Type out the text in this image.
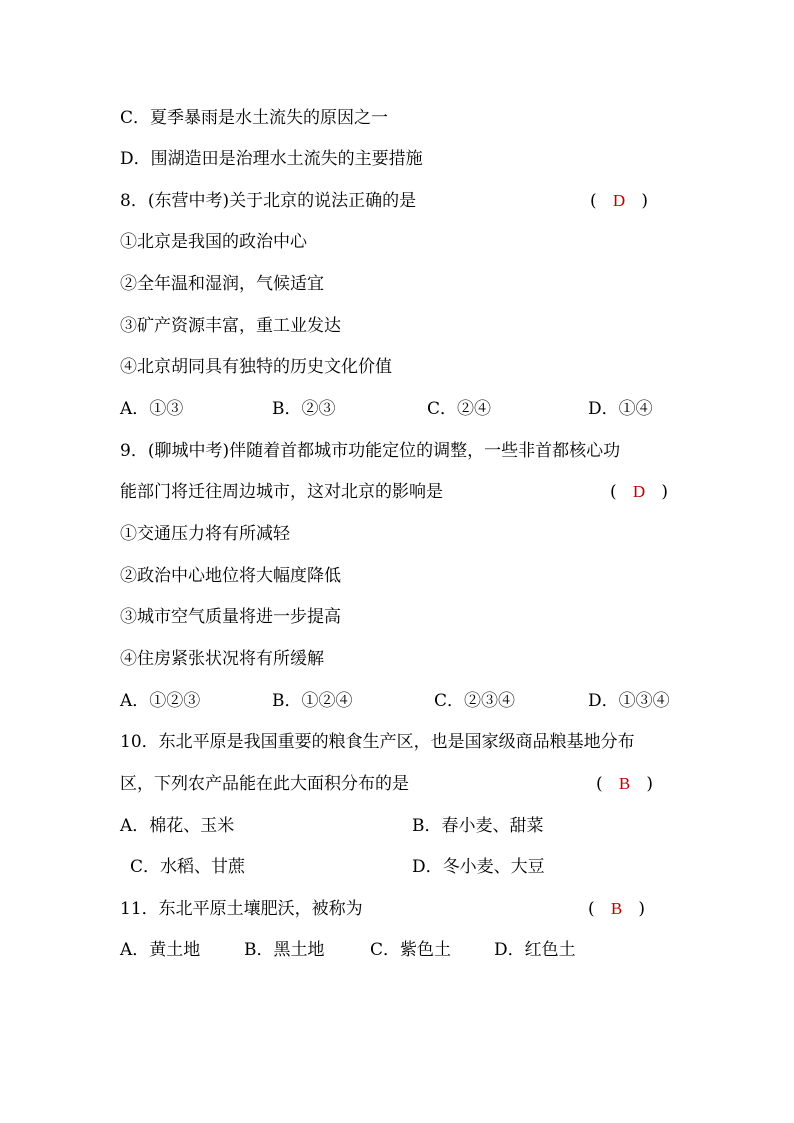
C．夏季暴雨是水土流失的原因之一
D．围湖造田是治理水土流失的主要措施
8．(东营中考)关于北京的说法正确的是	(   D   )
①北京是我国的政治中心
②全年温和湿润，气候适宜
③矿产资源丰富，重工业发达
④北京胡同具有独特的历史文化价值
A．①③	B．②③	C．②④	D．①④
9．(聊城中考)伴随着首都城市功能定位的调整，一些非首都核心功
能部门将迁往周边城市，这对北京的影响是	(   D   )
①交通压力将有所减轻
②政治中心地位将大幅度降低
③城市空气质量将进一步提高
④住房紧张状况将有所缓解
A．①②③	B．①②④	C．②③④	D．①③④
10．东北平原是我国重要的粮食生产区，也是国家级商品粮基地分布
区，下列农产品能在此大面积分布的是	(   B   )
A．棉花、玉米	B．春小麦、甜菜
C．水稻、甘蔗	D．冬小麦、大豆
11．东北平原土壤肥沃，被称为	(   B   )
A．黄土地	B．黑土地	C．紫色土	D．红色土
